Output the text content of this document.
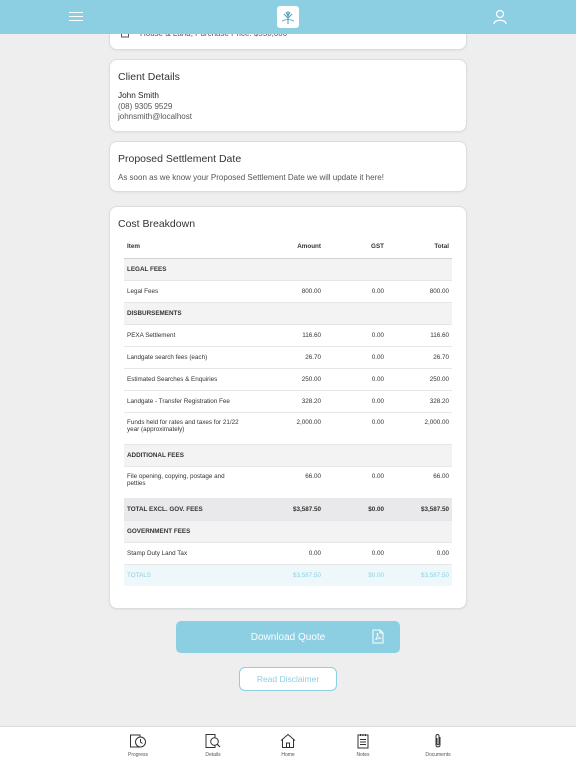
Client Details
John Smith
(08) 9305 9529
johnsmith@localhost
Proposed Settlement Date

As soon as we know your Proposed Settlement Date we will update it here!

Cost Breakdown
Item	Amount	GST	Total
LEGAL FEES			
Legal Fees	800.00	0.00	800.00
DISBURSEMENTS			
PEXA Settlement	116.60	0.00	116.60
Landgate search fees (each)	26.70	0.00	26.70
Estimated Searches & Enquiries	250.00	0.00	250.00
Landgate - Transfer Registration Fee	328.20	0.00	328.20
Funds held for rates and taxes for 21/22 year (approximately)	2,000.00	0.00	2,000.00
ADDITIONAL FEES			
File opening, copying, postage and petties	66.00	0.00	66.00
TOTAL EXCL. GOV. FEES	$3,587.50	$0.00	$3,587.50
GOVERNMENT FEES			
Stamp Duty Land Tax	0.00	0.00	0.00
TOTALS	$3,587.50	$0.00	$3,587.50
Download Quote
Read Disclaimer
Progress	Details	Home	Notes	Documents
